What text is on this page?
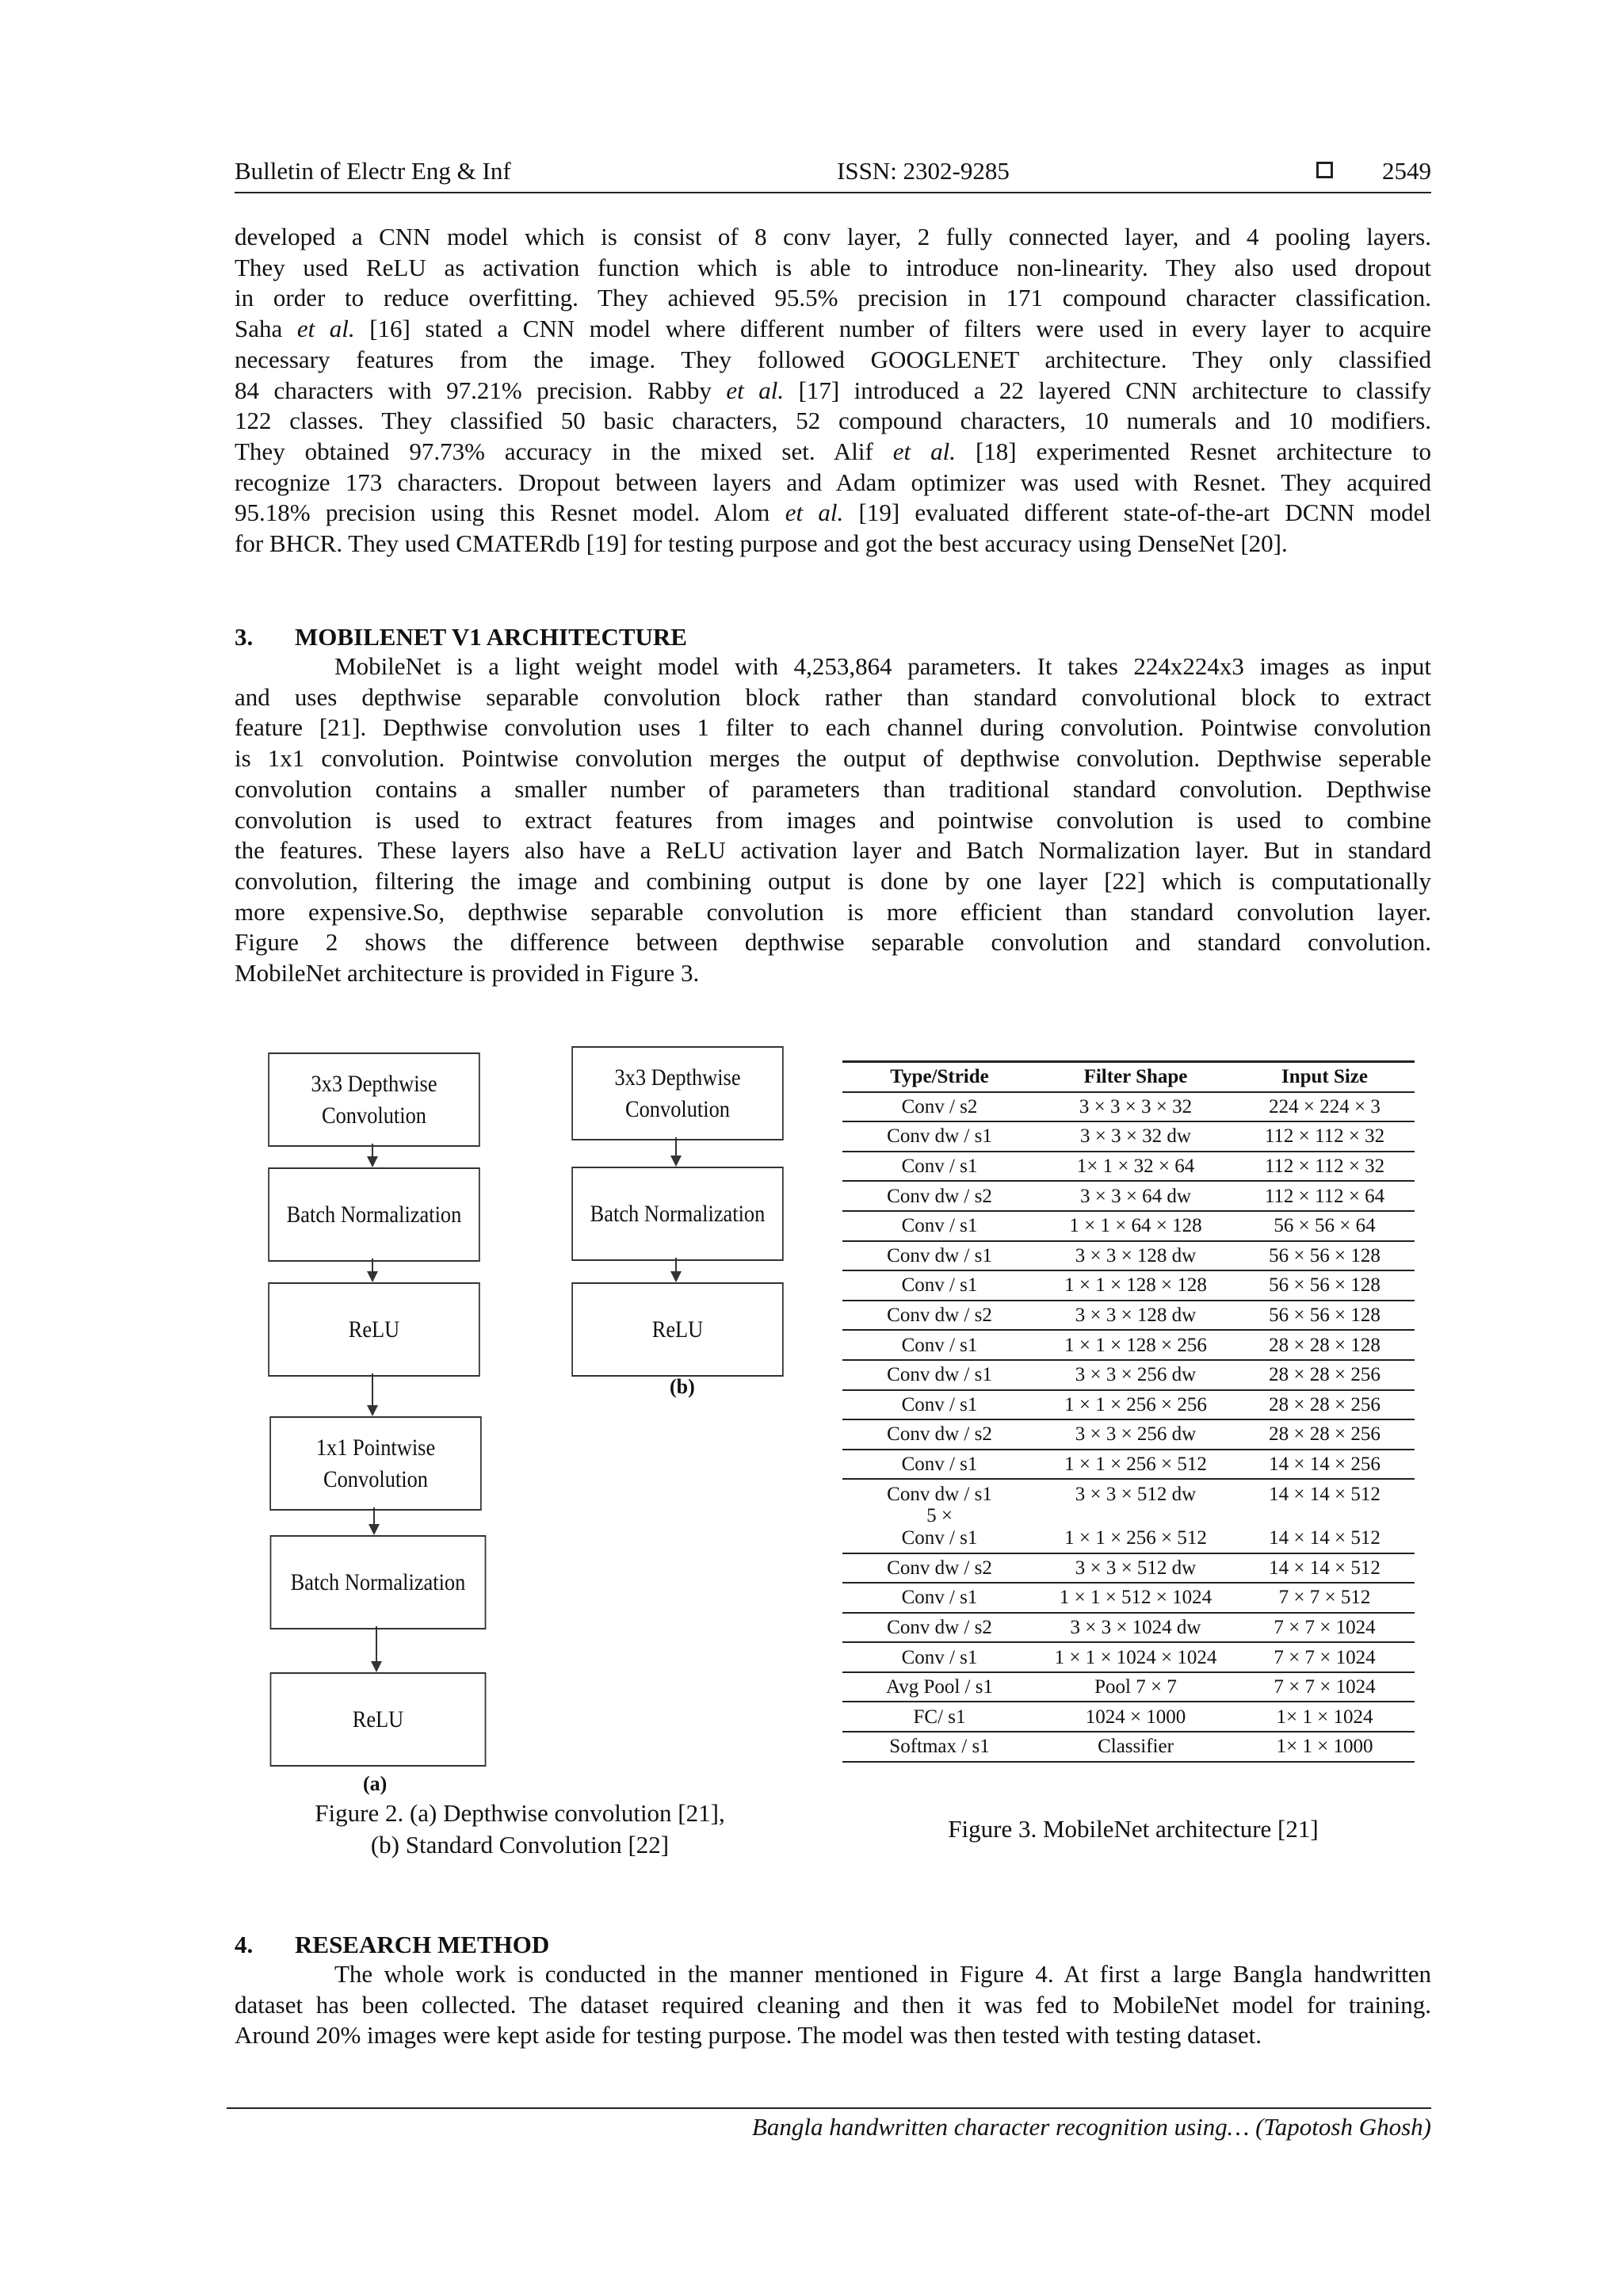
Bulletin of Electr Eng & Inf	ISSN: 2302-9285	2549
developed a CNN model which is consist of 8 conv layer, 2 fully connected layer, and 4 pooling layers.
They used ReLU as activation function which is able to introduce non-linearity. They also used dropout
in order to reduce overfitting. They achieved 95.5% precision in 171 compound character classification.
Saha et al. [16] stated a CNN model where different number of filters were used in every layer to acquire
necessary features from the image. They followed GOOGLENET architecture. They only classified
84 characters with 97.21% precision. Rabby et al. [17] introduced a 22 layered CNN architecture to classify
122 classes. They classified 50 basic characters, 52 compound characters, 10 numerals and 10 modifiers.
They obtained 97.73% accuracy in the mixed set. Alif et al. [18] experimented Resnet architecture to
recognize 173 characters. Dropout between layers and Adam optimizer was used with Resnet. They acquired
95.18% precision using this Resnet model. Alom et al. [19] evaluated different state-of-the-art DCNN model
for BHCR. They used CMATERdb [19] for testing purpose and got the best accuracy using DenseNet [20].
3. MOBILENET V1 ARCHITECTURE
MobileNet is a light weight model with 4,253,864 parameters. It takes 224x224x3 images as input
and uses depthwise separable convolution block rather than standard convolutional block to extract
feature [21]. Depthwise convolution uses 1 filter to each channel during convolution. Pointwise convolution
is 1x1 convolution. Pointwise convolution merges the output of depthwise convolution. Depthwise seperable
convolution contains a smaller number of parameters than traditional standard convolution. Depthwise
convolution is used to extract features from images and pointwise convolution is used to combine
the features. These layers also have a ReLU activation layer and Batch Normalization layer. But in standard
convolution, filtering the image and combining output is done by one layer [22] which is computationally
more expensive.So, depthwise separable convolution is more efficient than standard convolution layer.
Figure 2 shows the difference between depthwise separable convolution and standard convolution.
MobileNet architecture is provided in Figure 3.
3x3 Depthwise
Convolution
Batch Normalization
ReLU
1x1 Pointwise
Convolution
Batch Normalization
ReLU
3x3 Depthwise
Convolution
Batch Normalization
ReLU
(a)
(b)
Figure 2. (a) Depthwise convolution [21],
(b) Standard Convolution [22]
Type/Stride	Filter Shape	Input Size
Conv / s2	3 × 3 × 3 × 32	224 × 224 × 3
Conv dw / s1	3 × 3 × 32 dw	112 × 112 × 32
Conv / s1	1× 1 × 32 × 64	112 × 112 × 32
Conv dw / s2	3 × 3 × 64 dw	112 × 112 × 64
Conv / s1	1 × 1 × 64 × 128	56 × 56 × 64
Conv dw / s1	3 × 3 × 128 dw	56 × 56 × 128
Conv / s1	1 × 1 × 128 × 128	56 × 56 × 128
Conv dw / s2	3 × 3 × 128 dw	56 × 56 × 128
Conv / s1	1 × 1 × 128 × 256	28 × 28 × 128
Conv dw / s1	3 × 3 × 256 dw	28 × 28 × 256
Conv / s1	1 × 1 × 256 × 256	28 × 28 × 256
Conv dw / s2	3 × 3 × 256 dw	28 × 28 × 256
Conv / s1	1 × 1 × 256 × 512	14 × 14 × 256
Conv dw / s1	3 × 3 × 512 dw	14 × 14 × 512
5 ×		
Conv / s1	1 × 1 × 256 × 512	14 × 14 × 512
Conv dw / s2	3 × 3 × 512 dw	14 × 14 × 512
Conv / s1	1 × 1 × 512 × 1024	7 × 7 × 512
Conv dw / s2	3 × 3 × 1024 dw	7 × 7 × 1024
Conv / s1	1 × 1 × 1024 × 1024	7 × 7 × 1024
Avg Pool / s1	Pool 7 × 7	7 × 7 × 1024
FC/ s1	1024 × 1000	1× 1 × 1024
Softmax / s1	Classifier	1× 1 × 1000
Figure 3. MobileNet architecture [21]
4. RESEARCH METHOD
The whole work is conducted in the manner mentioned in Figure 4. At first a large Bangla handwritten
dataset has been collected. The dataset required cleaning and then it was fed to MobileNet model for training.
Around 20% images were kept aside for testing purpose. The model was then tested with testing dataset.
Bangla handwritten character recognition using… (Tapotosh Ghosh)
